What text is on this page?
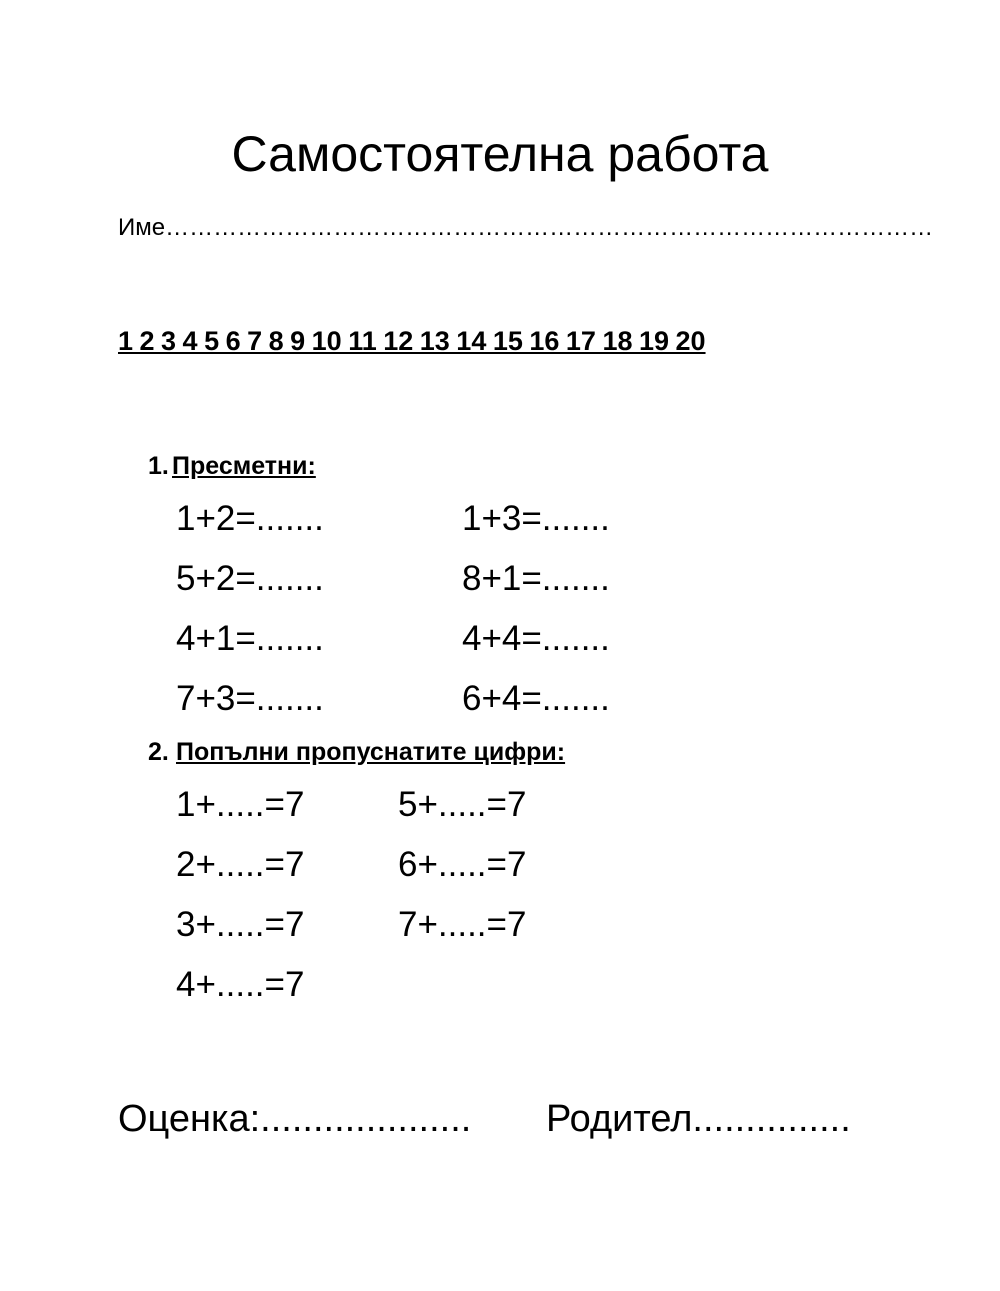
Самостоятелна работа
Име……………………………………………………………………………………
1 2 3 4 5 6 7 8 9 10 11 12 13 14 15 16 17 18 19 20
1. Пресметни:
1+2=.......
5+2=.......
4+1=.......
7+3=.......
1+3=.......
8+1=.......
4+4=.......
6+4=.......
2. Попълни пропуснатите цифри:
1+.....=7
2+.....=7
3+.....=7
4+.....=7
5+.....=7
6+.....=7
7+.....=7
Оценка:.................... Родител...............
